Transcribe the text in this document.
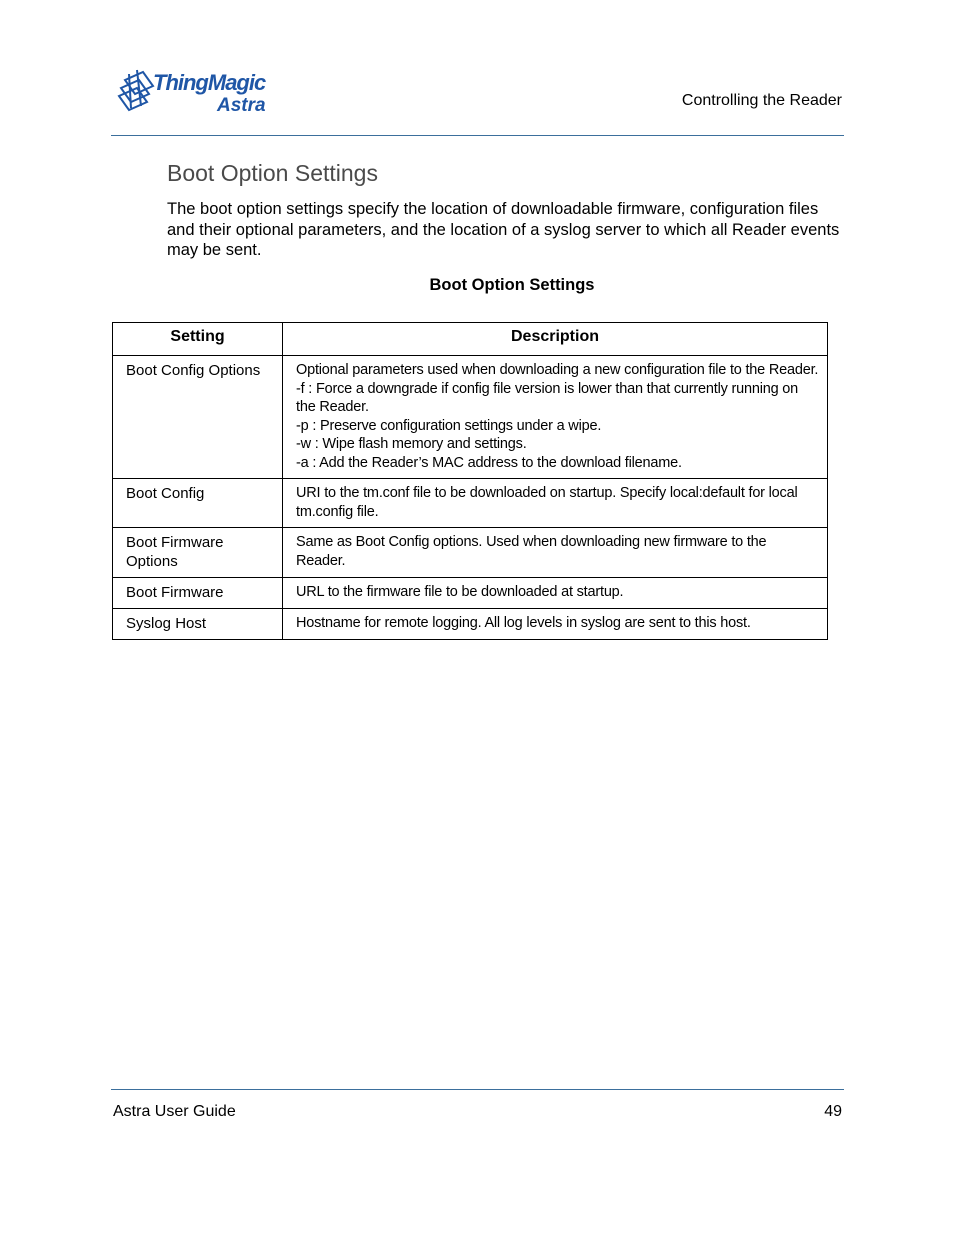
ThingMagic
Astra	Controlling the Reader
Boot Option Settings
The boot option settings specify the location of downloadable firmware, configuration files and their optional parameters, and the location of a syslog server to which all Reader events may be sent.
Boot Option Settings
Setting	Description
Boot Config Options	Optional parameters used when downloading a new configuration file to the Reader.
-f : Force a downgrade if config file version is lower than that currently running on the Reader.
-p : Preserve configuration settings under a wipe.
-w : Wipe flash memory and settings.
-a : Add the Reader’s MAC address to the download filename.

Boot Config	URI to the tm.conf file to be downloaded on startup. Specify local:default for local tm.config file.

Boot Firmware Options	Same as Boot Config options. Used when downloading new firmware to the Reader.

Boot Firmware	URL to the firmware file to be downloaded at startup.

Syslog Host	Hostname for remote logging. All log levels in syslog are sent to this host.
Astra User Guide	49
